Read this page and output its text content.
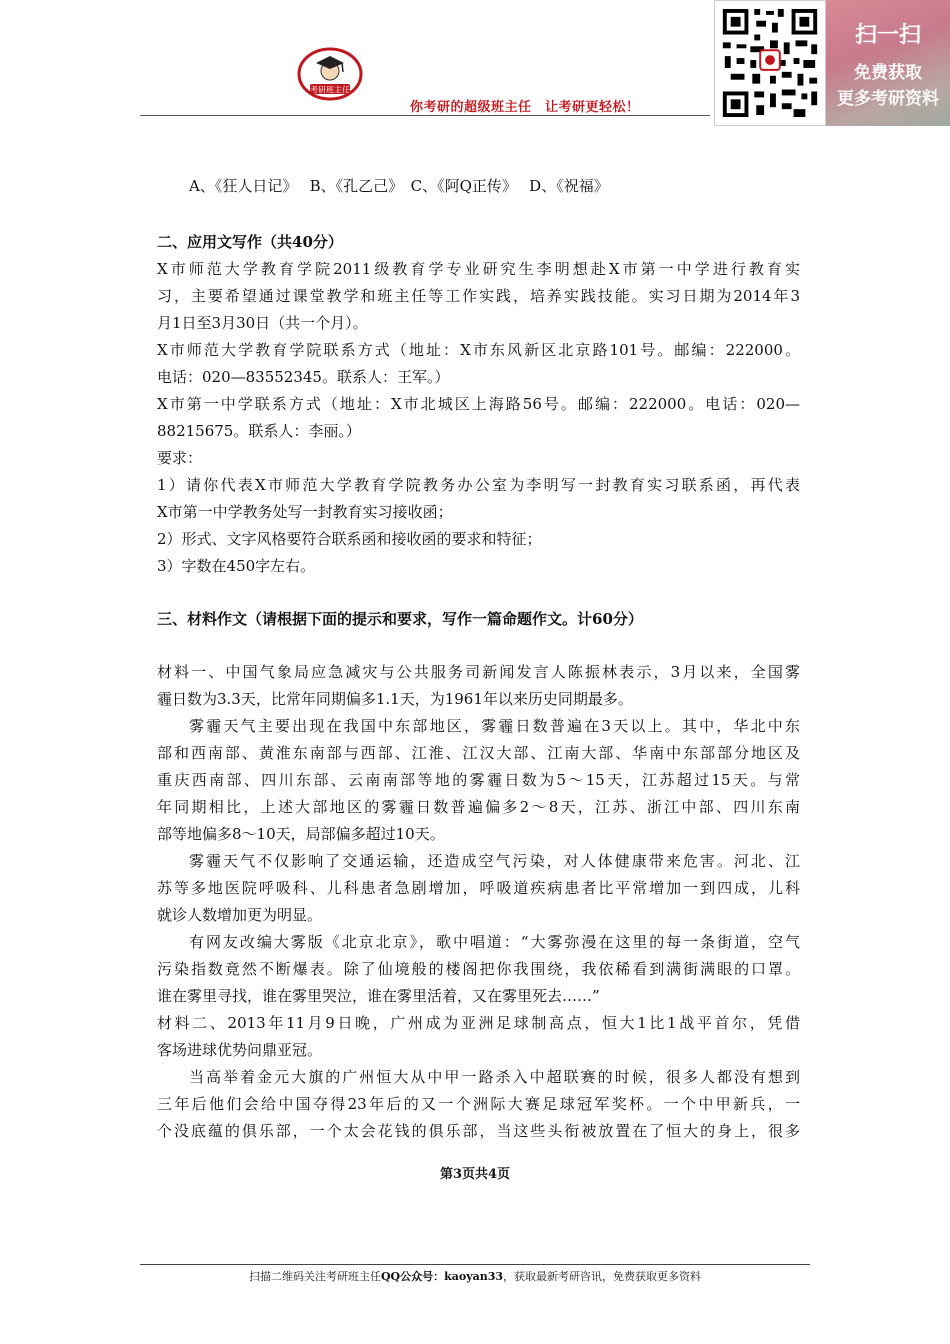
考研班主任
你考研的超级班主任　让考研更轻松！
扫一扫
免费获取
更多考研资料
A、《狂人日记》　 B、《孔乙己》　C、《阿Q正传》　 D、《祝福》
二、应用文写作（共40分）
X市师范大学教育学院2011级教育学专业研究生李明想赴X市第一中学进行教育实
习，主要希望通过课堂教学和班主任等工作实践，培养实践技能。实习日期为2014年3
月1日至3月30日（共一个月）。
X市师范大学教育学院联系方式（地址：X市东风新区北京路101号。邮编：222000。
电话：020—83552345。联系人：王军。）
X市第一中学联系方式（地址：X市北城区上海路56号。邮编：222000。电话：020—
88215675。联系人：李丽。）
要求：
1）请你代表X市师范大学教育学院教务办公室为李明写一封教育实习联系函，再代表
X市第一中学教务处写一封教育实习接收函；
2）形式、文字风格要符合联系函和接收函的要求和特征；
3）字数在450字左右。
三、材料作文（请根据下面的提示和要求，写作一篇命题作文。计60分）
材料一、中国气象局应急减灾与公共服务司新闻发言人陈振林表示，3月以来，全国雾
霾日数为3.3天，比常年同期偏多1.1天，为1961年以来历史同期最多。
雾霾天气主要出现在我国中东部地区，雾霾日数普遍在3天以上。其中，华北中东
部和西南部、黄淮东南部与西部、江淮、江汉大部、江南大部、华南中东部部分地区及
重庆西南部、四川东部、云南南部等地的雾霾日数为5～15天，江苏超过15天。与常
年同期相比，上述大部地区的雾霾日数普遍偏多2～8天，江苏、浙江中部、四川东南
部等地偏多8～10天，局部偏多超过10天。
雾霾天气不仅影响了交通运输，还造成空气污染，对人体健康带来危害。河北、江
苏等多地医院呼吸科、儿科患者急剧增加，呼吸道疾病患者比平常增加一到四成，儿科
就诊人数增加更为明显。
有网友改编大雾版《北京北京》，歌中唱道：“大雾弥漫在这里的每一条街道，空气
污染指数竟然不断爆表。除了仙境般的楼阁把你我围绕，我依稀看到满街满眼的口罩。
谁在雾里寻找，谁在雾里哭泣，谁在雾里活着，又在雾里死去……”
材料二、2013年11月9日晚，广州成为亚洲足球制高点，恒大1比1战平首尔，凭借
客场进球优势问鼎亚冠。
当高举着金元大旗的广州恒大从中甲一路杀入中超联赛的时候，很多人都没有想到
三年后他们会给中国夺得23年后的又一个洲际大赛足球冠军奖杯。一个中甲新兵，一
个没底蕴的俱乐部，一个太会花钱的俱乐部，当这些头衔被放置在了恒大的身上，很多
第3页共4页
扫描二维码关注考研班主任QQ公众号：kaoyan33，获取最新考研咨讯，免费获取更多资料
